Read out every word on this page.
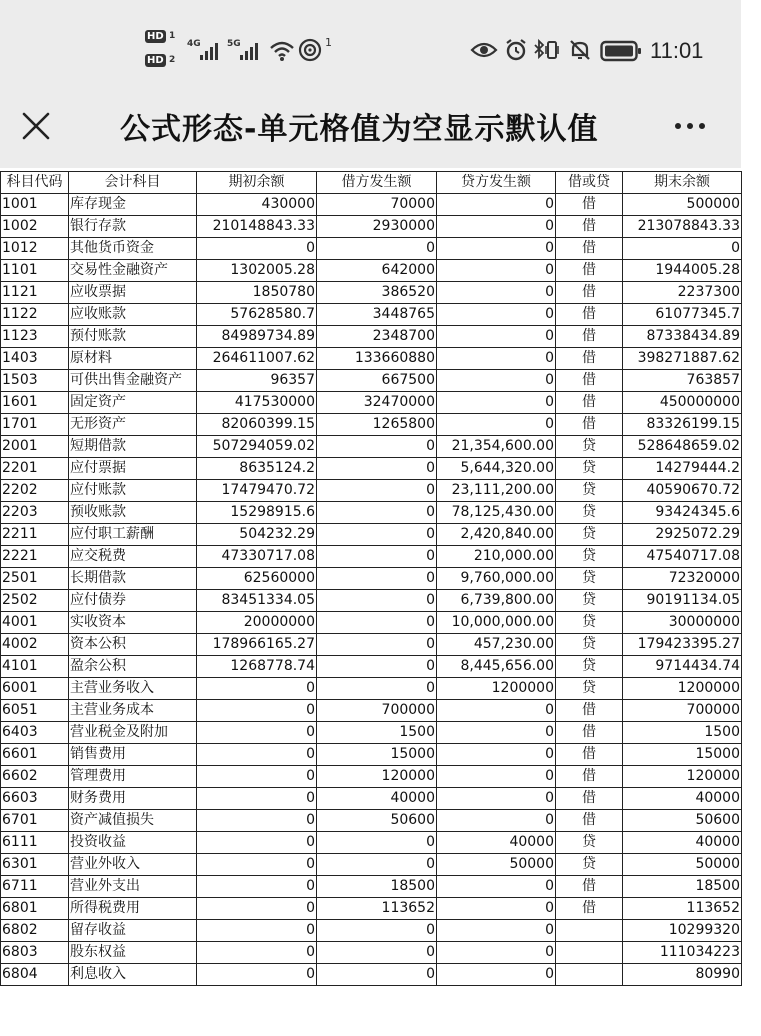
HD 1
HD 2
4G	5G	1	11:01
公式形态-单元格值为空显示默认值
科目代码	会计科目	期初余额	借方发生额	贷方发生额	借或贷	期末余额
1001	库存现金	430000	70000	0	借	500000
1002	银行存款	210148843.33	2930000	0	借	213078843.33
1012	其他货币资金	0	0	0	借	0
1101	交易性金融资产	1302005.28	642000	0	借	1944005.28
1121	应收票据	1850780	386520	0	借	2237300
1122	应收账款	57628580.7	3448765	0	借	61077345.7
1123	预付账款	84989734.89	2348700	0	借	87338434.89
1403	原材料	264611007.62	133660880	0	借	398271887.62
1503	可供出售金融资产	96357	667500	0	借	763857
1601	固定资产	417530000	32470000	0	借	450000000
1701	无形资产	82060399.15	1265800	0	借	83326199.15
2001	短期借款	507294059.02	0	21,354,600.00	贷	528648659.02
2201	应付票据	8635124.2	0	5,644,320.00	贷	14279444.2
2202	应付账款	17479470.72	0	23,111,200.00	贷	40590670.72
2203	预收账款	15298915.6	0	78,125,430.00	贷	93424345.6
2211	应付职工薪酬	504232.29	0	2,420,840.00	贷	2925072.29
2221	应交税费	47330717.08	0	210,000.00	贷	47540717.08
2501	长期借款	62560000	0	9,760,000.00	贷	72320000
2502	应付债券	83451334.05	0	6,739,800.00	贷	90191134.05
4001	实收资本	20000000	0	10,000,000.00	贷	30000000
4002	资本公积	178966165.27	0	457,230.00	贷	179423395.27
4101	盈余公积	1268778.74	0	8,445,656.00	贷	9714434.74
6001	主营业务收入	0	0	1200000	贷	1200000
6051	主营业务成本	0	700000	0	借	700000
6403	营业税金及附加	0	1500	0	借	1500
6601	销售费用	0	15000	0	借	15000
6602	管理费用	0	120000	0	借	120000
6603	财务费用	0	40000	0	借	40000
6701	资产减值损失	0	50600	0	借	50600
6111	投资收益	0	0	40000	贷	40000
6301	营业外收入	0	0	50000	贷	50000
6711	营业外支出	0	18500	0	借	18500
6801	所得税费用	0	113652	0	借	113652
6802	留存收益	0	0	0		10299320
6803	股东权益	0	0	0		111034223
6804	利息收入	0	0	0		80990
